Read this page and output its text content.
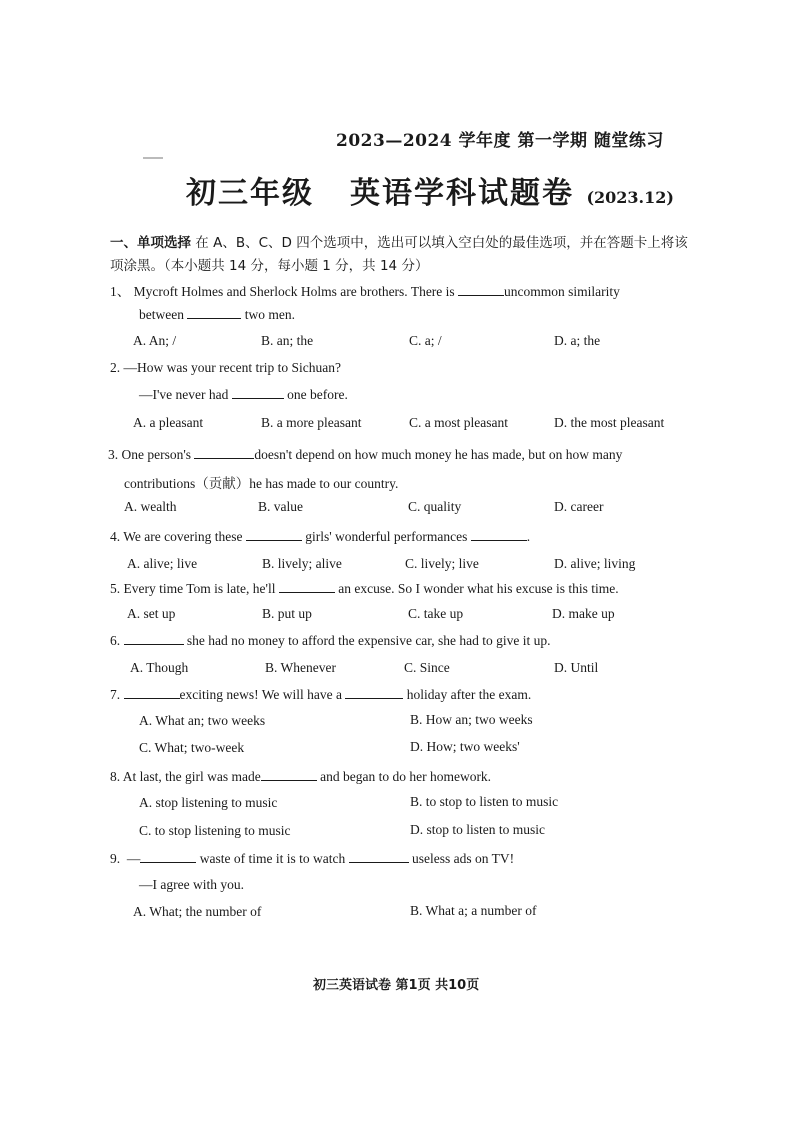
2023—2024 学年度 第一学期 随堂练习
初三年级 英语学科试题卷 (2023.12)
一、单项选择 在 A、B、C、D 四个选项中，选出可以填入空白处的最佳选项，并在答题卡上将该项涂黑。（本小题共 14 分，每小题 1 分，共 14 分）
1、 Mycroft Holmes and Sherlock Holms are brothers. There is	uncommon similarity
between	two men.
A. An; /	B. an; the	C. a; /	D. a; the
2. —How was your recent trip to Sichuan?
—I've never had	one before.
A. a pleasant	B. a more pleasant	C. a most pleasant	D. the most pleasant
3. One person's	doesn't depend on how much money he has made, but on how many
contributions（贡献）he has made to our country.
A. wealth	B. value	C. quality	D. career
4. We are covering these	girls' wonderful performances	.
A. alive; live	B. lively; alive	C. lively; live	D. alive; living
5. Every time Tom is late, he'll	an excuse. So I wonder what his excuse is this time.
A. set up	B. put up	C. take up	D. make up
6.	she had no money to afford the expensive car, she had to give it up.
A. Though	B. Whenever	C. Since	D. Until
7.	exciting news! We will have a	holiday after the exam.
A. What an; two weeks	B. How an; two weeks
C. What; two-week	D. How; two weeks'
8. At last, the girl was made	and began to do her homework.
A. stop listening to music	B. to stop to listen to music
C. to stop listening to music	D. stop to listen to music
9. —	waste of time it is to watch	useless ads on TV!
—I agree with you.
A. What; the number of	B. What a; a number of
初三英语试卷 第1页 共10页
